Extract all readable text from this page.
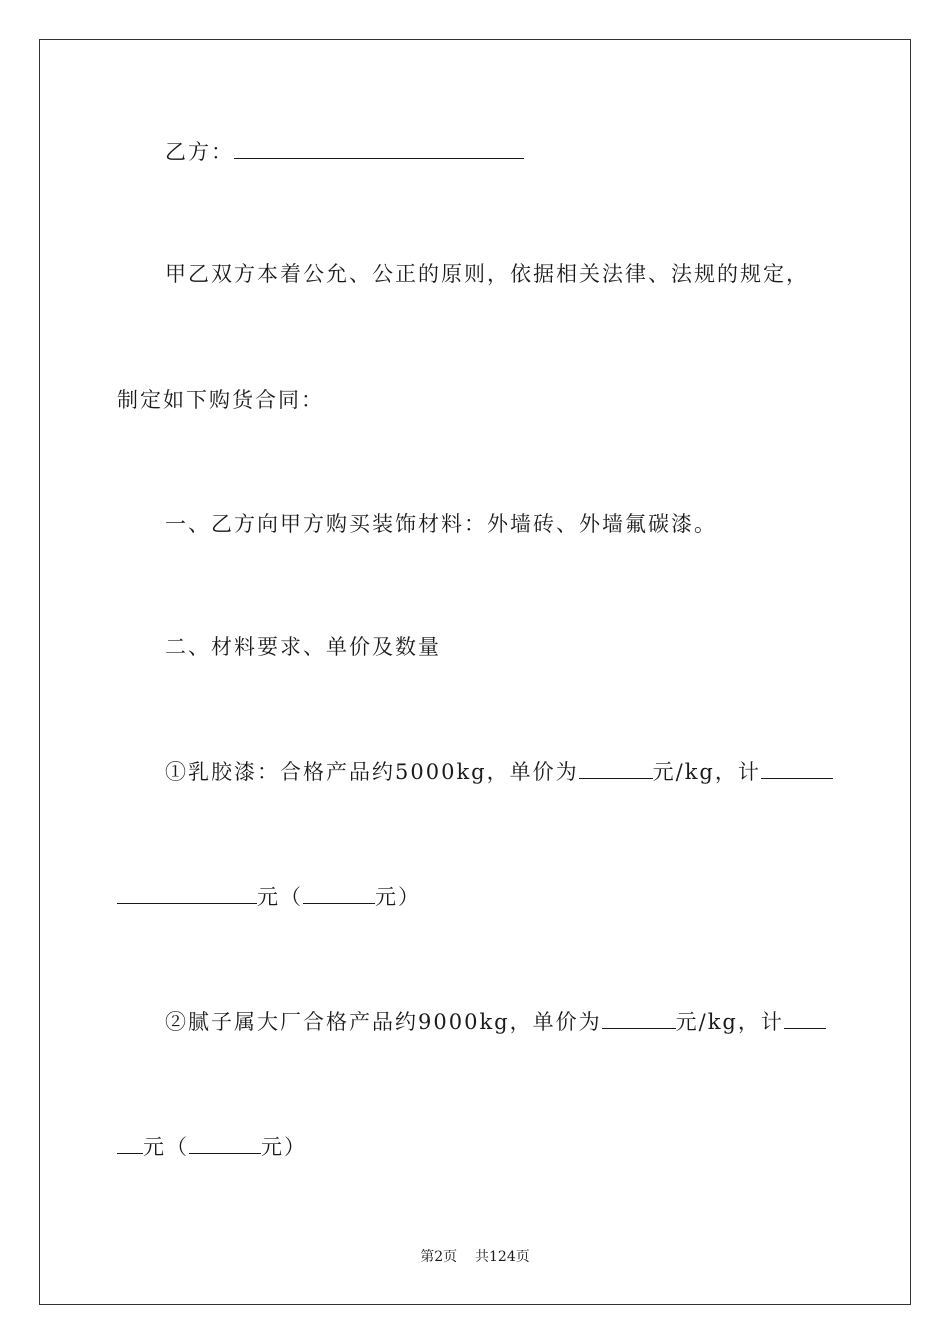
乙方：
甲乙双方本着公允、公正的原则，依据相关法律、法规的规定，
制定如下购货合同：
一、乙方向甲方购买装饰材料：外墙砖、外墙氟碳漆。
二、材料要求、单价及数量
①乳胶漆：合格产品约5000kg，单价为	元/kg，计
元（	元）
②腻子属大厂合格产品约9000kg，单价为	元/kg，计
元（	元）
第2页 共124页
